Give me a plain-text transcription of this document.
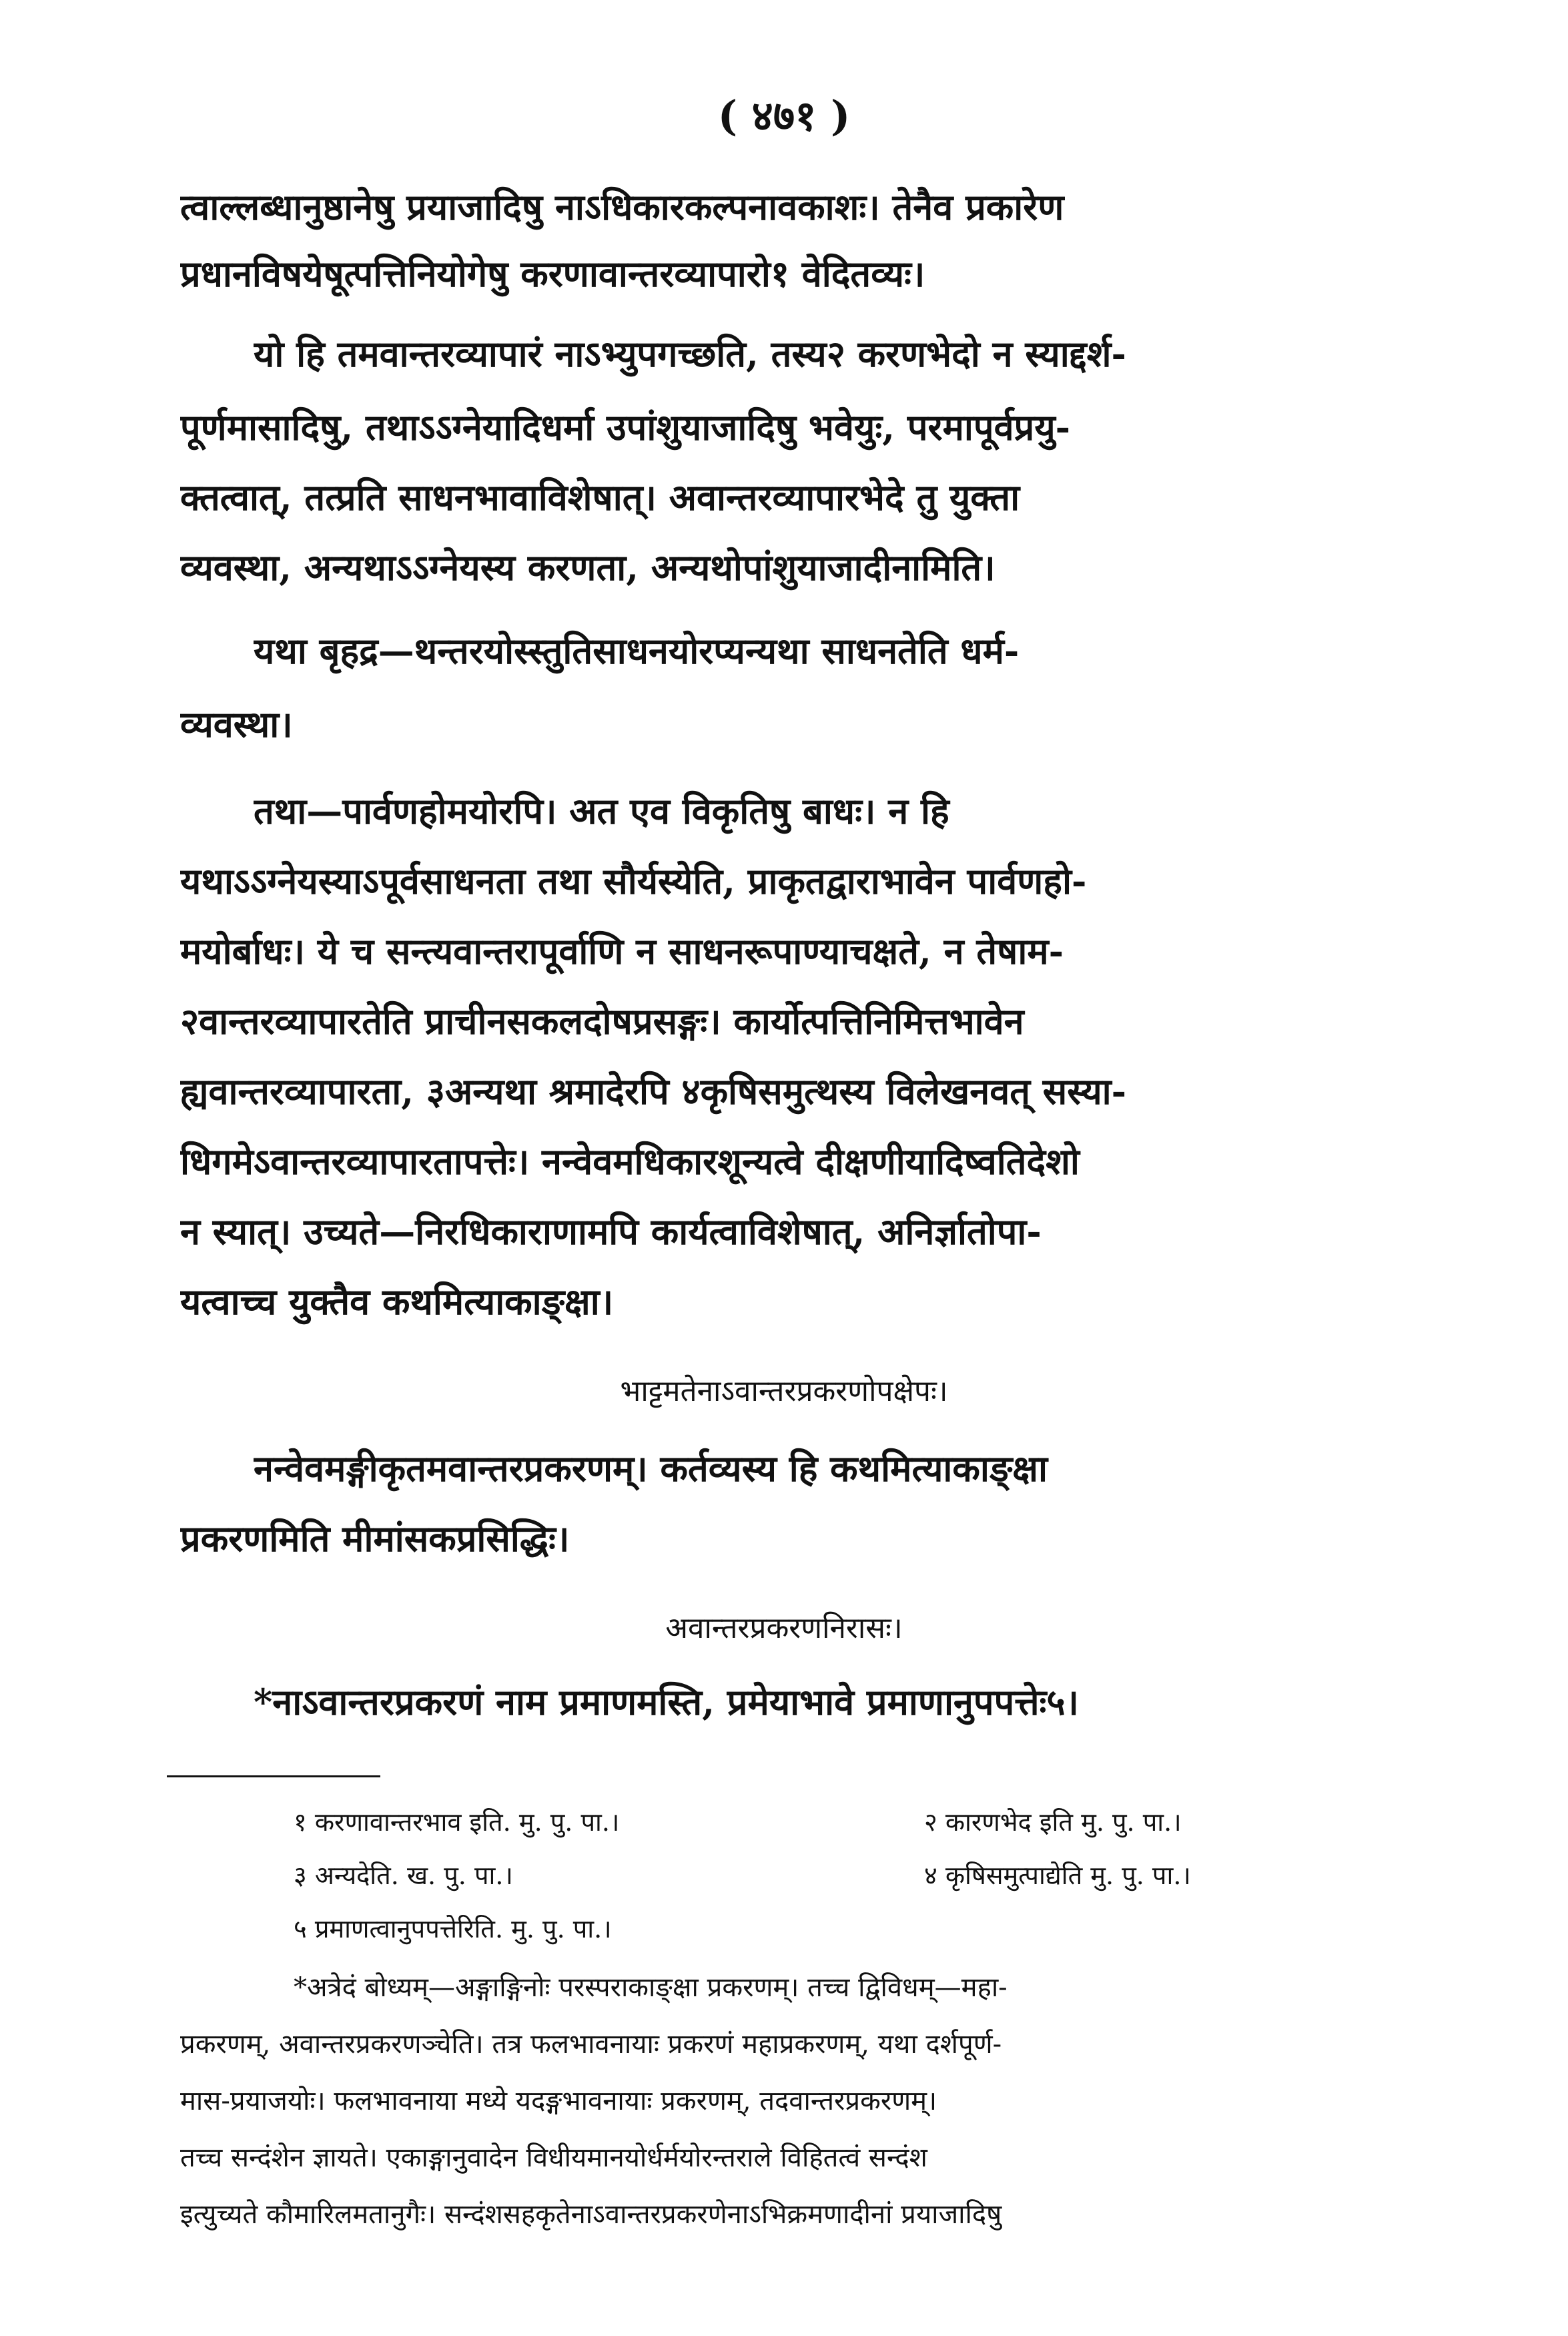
( ४७१ )
त्वाल्लब्धानुष्ठानेषु प्रयाजादिषु नाऽधिकारकल्पनावकाशः। तेनैव प्रकारेण
प्रधानविषयेषूत्पत्तिनियोगेषु करणावान्तरव्यापारो१ वेदितव्यः।
यो हि तमवान्तरव्यापारं नाऽभ्युपगच्छति, तस्य२ करणभेदो न स्याद्दर्श-
पूर्णमासादिषु, तथाऽऽग्नेयादिधर्मा उपांशुयाजादिषु भवेयुः, परमापूर्वप्रयु-
क्तत्वात्, तत्प्रति साधनभावाविशेषात्। अवान्तरव्यापारभेदे तु युक्ता
व्यवस्था, अन्यथाऽऽग्नेयस्य करणता, अन्यथोपांशुयाजादीनामिति।
यथा बृहद्र—थन्तरयोस्स्तुतिसाधनयोरप्यन्यथा साधनतेति धर्म-
व्यवस्था।
तथा—पार्वणहोमयोरपि। अत एव विकृतिषु बाधः। न हि
यथाऽऽग्नेयस्याऽपूर्वसाधनता तथा सौर्यस्येति, प्राकृतद्वाराभावेन पार्वणहो-
मयोर्बाधः। ये च सन्त्यवान्तरापूर्वाणि न साधनरूपाण्याचक्षते, न तेषाम-
२वान्तरव्यापारतेति प्राचीनसकलदोषप्रसङ्गः। कार्योत्पत्तिनिमित्तभावेन
ह्यवान्तरव्यापारता, ३अन्यथा श्रमादेरपि ४कृषिसमुत्थस्य विलेखनवत् सस्या-
धिगमेऽवान्तरव्यापारतापत्तेः। नन्वेवमधिकारशून्यत्वे दीक्षणीयादिष्वतिदेशो
न स्यात्। उच्यते—निरधिकाराणामपि कार्यत्वाविशेषात्, अनिर्ज्ञातोपा-
यत्वाच्च युक्तैव कथमित्याकाङ्क्षा।
भाट्टमतेनाऽवान्तरप्रकरणोपक्षेपः।
नन्वेवमङ्गीकृतमवान्तरप्रकरणम्। कर्तव्यस्य हि कथमित्याकाङ्क्षा
प्रकरणमिति मीमांसकप्रसिद्धिः।
अवान्तरप्रकरणनिरासः।
*नाऽवान्तरप्रकरणं नाम प्रमाणमस्ति, प्रमेयाभावे प्रमाणानुपपत्तेः५।
१ करणावान्तरभाव इति. मु. पु. पा.।	२ कारणभेद इति मु. पु. पा.।
३ अन्यदेति. ख. पु. पा.।	४ कृषिसमुत्पाद्येति मु. पु. पा.।
५ प्रमाणत्वानुपपत्तेरिति. मु. पु. पा.।
*अत्रेदं बोध्यम्—अङ्गाङ्गिनोः परस्पराकाङ्क्षा प्रकरणम्। तच्च द्विविधम्—महा-
प्रकरणम्, अवान्तरप्रकरणञ्चेति। तत्र फलभावनायाः प्रकरणं महाप्रकरणम्, यथा दर्शपूर्ण-
मास-प्रयाजयोः। फलभावनाया मध्ये यदङ्गभावनायाः प्रकरणम्, तदवान्तरप्रकरणम्।
तच्च सन्दंशेन ज्ञायते। एकाङ्गानुवादेन विधीयमानयोर्धर्मयोरन्तराले विहितत्वं सन्दंश
इत्युच्यते कौमारिलमतानुगैः। सन्दंशसहकृतेनाऽवान्तरप्रकरणेनाऽभिक्रमणादीनां प्रयाजादिषु
